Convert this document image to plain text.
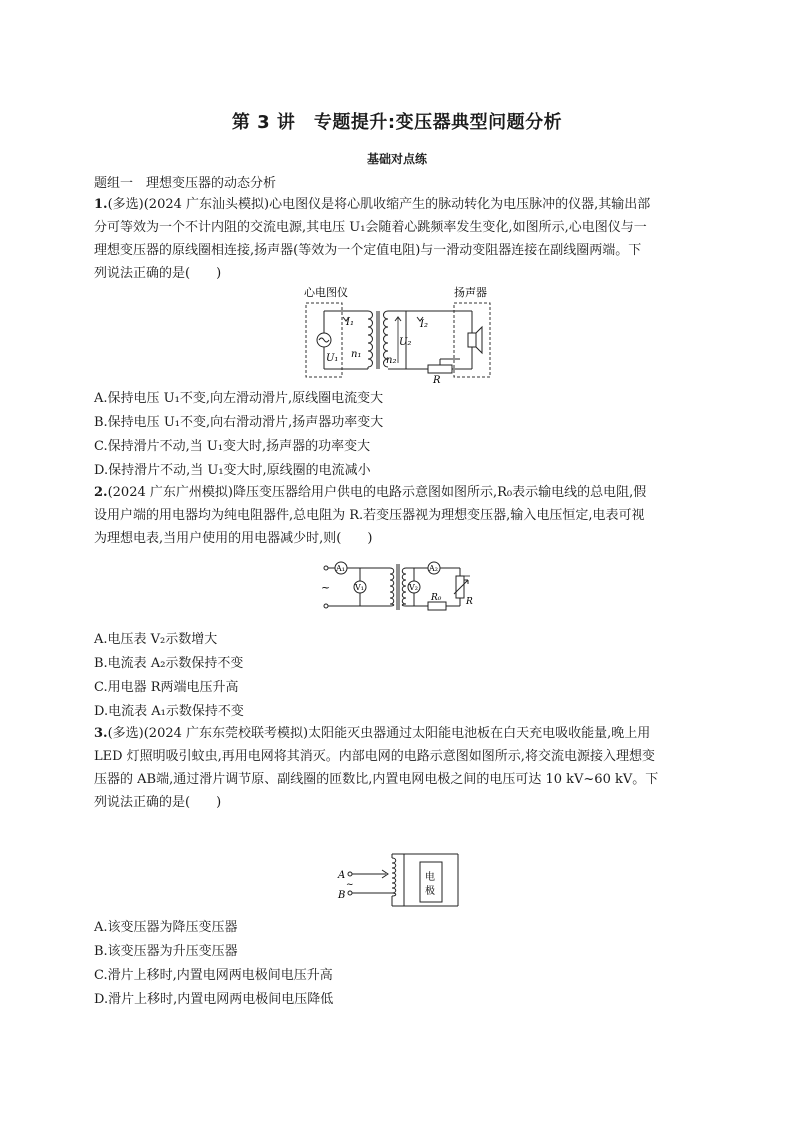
第 3 讲　专题提升:变压器典型问题分析
基础对点练
题组一　理想变压器的动态分析
1.(多选)(2024 广东汕头模拟)心电图仪是将心肌收缩产生的脉动转化为电压脉冲的仪器,其输出部
分可等效为一个不计内阻的交流电源,其电压 U₁会随着心跳频率发生变化,如图所示,心电图仪与一
理想变压器的原线圈相连接,扬声器(等效为一个定值电阻)与一滑动变阻器连接在副线圈两端。下
列说法正确的是(　　)
心电图仪	扬声器
U₁
I₁
n₁
n₂
U₂
I₂
R
A.保持电压 U₁不变,向左滑动滑片,原线圈电流变大
B.保持电压 U₁不变,向右滑动滑片,扬声器功率变大
C.保持滑片不动,当 U₁变大时,扬声器的功率变大
D.保持滑片不动,当 U₁变大时,原线圈的电流减小
2.(2024 广东广州模拟)降压变压器给用户供电的电路示意图如图所示,R₀表示输电线的总电阻,假
设用户端的用电器均为纯电阻器件,总电阻为 R.若变压器视为理想变压器,输入电压恒定,电表可视
为理想电表,当用户使用的用电器减少时,则(　　)
~
A₁
V₁
A₂
V₂
R₀	R
A.电压表 V₂示数增大
B.电流表 A₂示数保持不变
C.用电器 R两端电压升高
D.电流表 A₁示数保持不变
3.(多选)(2024 广东东莞校联考模拟)太阳能灭虫器通过太阳能电池板在白天充电吸收能量,晚上用
LED 灯照明吸引蚊虫,再用电网将其消灭。内部电网的电路示意图如图所示,将交流电源接入理想变
压器的 AB端,通过滑片调节原、副线圈的匝数比,内置电网电极之间的电压可达 10 kV~60 kV。下
列说法正确的是(　　)
A
B
~
电
极
A.该变压器为降压变压器
B.该变压器为升压变压器
C.滑片上移时,内置电网两电极间电压升高
D.滑片上移时,内置电网两电极间电压降低
